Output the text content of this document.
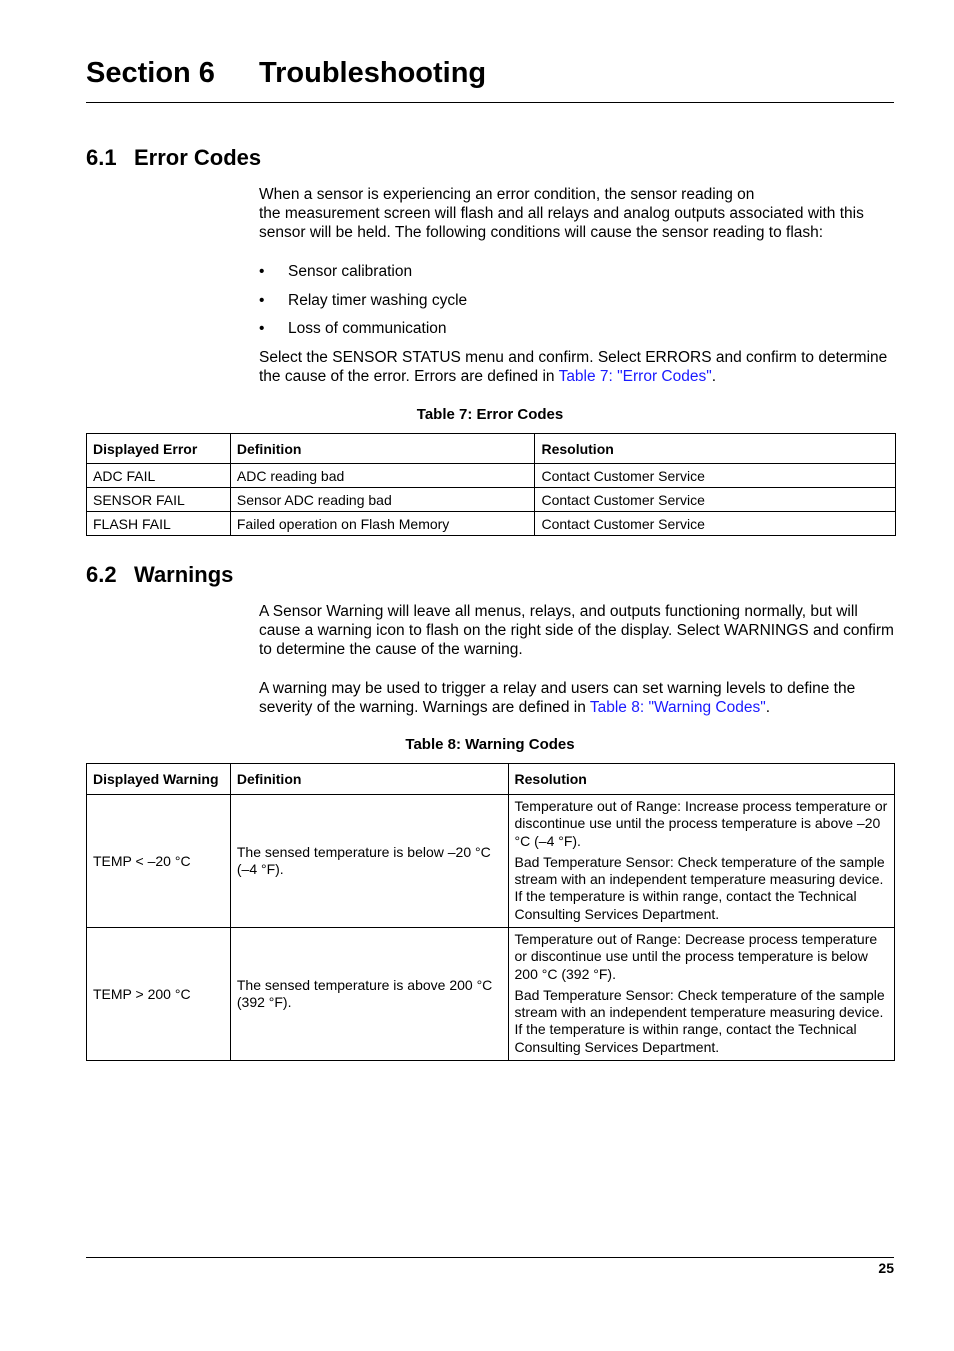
Section 6 Troubleshooting
6.1 Error Codes
When a sensor is experiencing an error condition, the sensor reading on
the measurement screen will flash and all relays and analog outputs associated with this sensor will be held. The following conditions will cause the sensor reading to flash:
• Sensor calibration
• Relay timer washing cycle
• Loss of communication

Select the SENSOR STATUS menu and confirm. Select ERRORS and confirm to determine the cause of the error. Errors are defined in Table 7: "Error Codes".

Table 7: Error Codes
Displayed Error	Definition	Resolution
ADC FAIL	ADC reading bad	Contact Customer Service
SENSOR FAIL	Sensor ADC reading bad	Contact Customer Service
FLASH FAIL	Failed operation on Flash Memory	Contact Customer Service
6.2 Warnings

A Sensor Warning will leave all menus, relays, and outputs functioning normally, but will cause a warning icon to flash on the right side of the display. Select WARNINGS and confirm to determine the cause of the warning.

A warning may be used to trigger a relay and users can set warning levels to define the severity of the warning. Warnings are defined in Table 8: "Warning Codes".

Table 8: Warning Codes
Displayed Warning	Definition	Resolution
TEMP < –20 °C	The sensed temperature is below –20 °C (–4 °F).	Temperature out of Range: Increase process temperature or discontinue use until the process temperature is above –20 °C (–4 °F).

Bad Temperature Sensor: Check temperature of the sample stream with an independent temperature measuring device. If the temperature is within range, contact the Technical Consulting Services Department.

TEMP > 200 °C	The sensed temperature is above 200 °C (392 °F).	Temperature out of Range: Decrease process temperature or discontinue use until the process temperature is below 200 °C (392 °F).

Bad Temperature Sensor: Check temperature of the sample stream with an independent temperature measuring device. If the temperature is within range, contact the Technical Consulting Services Department.

25
